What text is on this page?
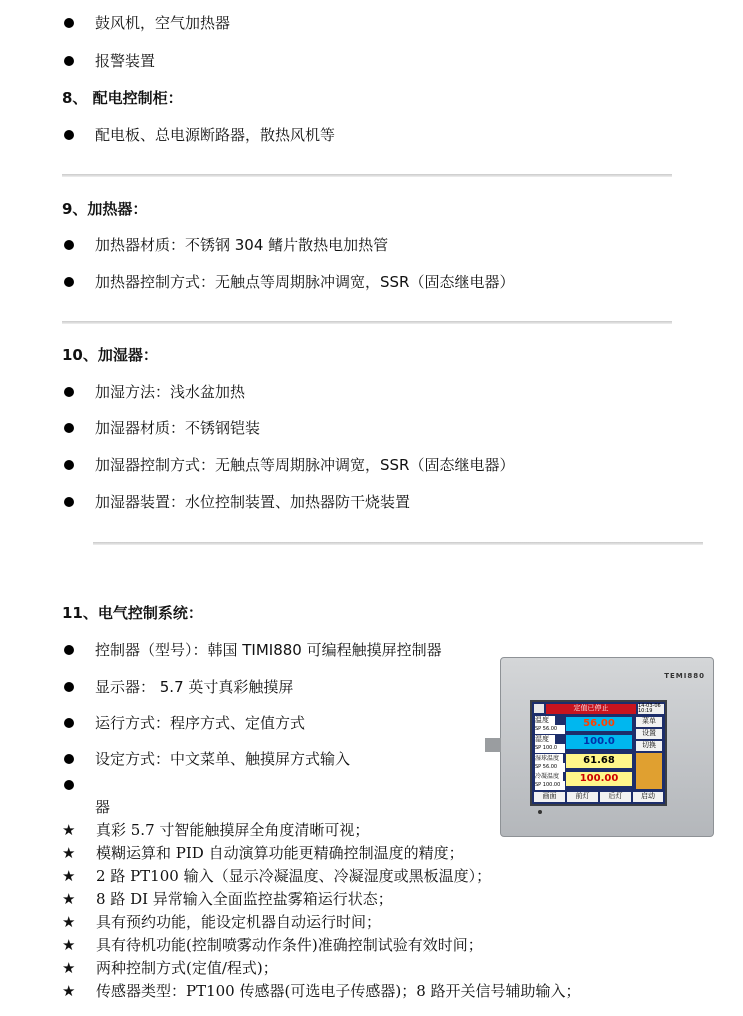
鼓风机，空气加热器
报警装置
8、 配电控制柜：
配电板、总电源断路器，散热风机等
9、加热器：
加热器材质：不锈钢 304 鳍片散热电加热管
加热器控制方式：无触点等周期脉冲调宽，SSR（固态继电器）
10、加湿器：
加湿方法：浅水盆加热
加湿器材质：不锈钢铠装
加湿器控制方式：无触点等周期脉冲调宽，SSR（固态继电器）
加湿器装置：水位控制装置、加热器防干烧装置
11、电气控制系统：
控制器（型号）：韩国 TIMI880 可编程触摸屏控制器
显示器： 5.7 英寸真彩触摸屏
运行方式：程序方式、定值方式
设定方式：中文菜单、触摸屏方式输入
器
★ 真彩 5.7 寸智能触摸屏全角度清晰可视；
★ 模糊运算和 PID 自动演算功能更精确控制温度的精度；
★ 2 路 PT100 输入（显示冷凝温度、冷凝湿度或黑板温度）；
★ 8 路 DI 异常输入全面监控盐雾箱运行状态；
★ 具有预约功能，能设定机器自动运行时间；
★ 具有待机功能(控制喷雾动作条件)准确控制试验有效时间；
★ 两种控制方式(定值/程式)；
★ 传感器类型：PT100 传感器(可选电子传感器)；8 路开关信号辅助输入；
TEMI880
定值已停止	14-03-06 10:19
温度
SP 56.00	56.00
湿度
SP 100.0
100.0
湿球温度
SP 56.00
61.68
冷凝温度
SP 100.00
100.00
菜单
设置
切换
画面	前灯	后灯	启动
